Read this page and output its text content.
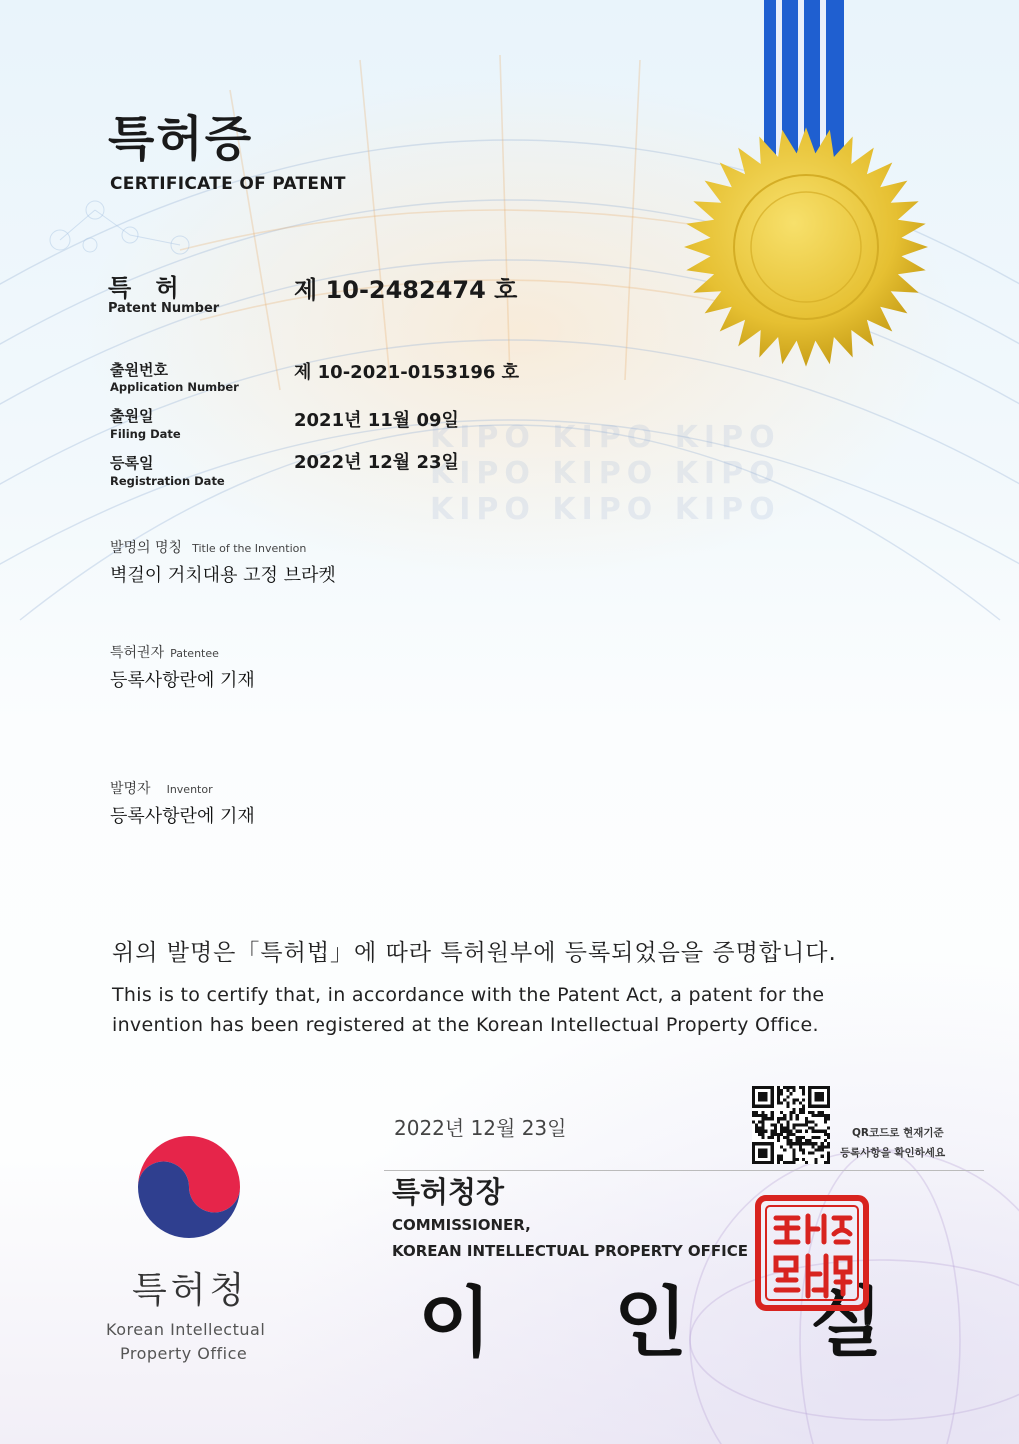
KIPO KIPO KIPO
KIPO KIPO KIPO
KIPO KIPO KIPO
특허증
CERTIFICATE OF PATENT
특 허
Patent Number
제 10-2482474 호
출원번호
Application Number
제 10-2021-0153196 호
출원일
Filing Date
2021년 11월 09일
등록일
Registration Date
2022년 12월 23일
발명의 명칭 Title of the Invention
벽걸이 거치대용 고정 브라켓
특허권자 Patentee
등록사항란에 기재
발명자 Inventor
등록사항란에 기재
위의 발명은「특허법」에 따라 특허원부에 등록되었음을 증명합니다.
This is to certify that, in accordance with the Patent Act, a patent for the
invention has been registered at the Korean Intellectual Property Office.
2022년 12월 23일
특허청장
COMMISSIONER,
KOREAN INTELLECTUAL PROPERTY OFFICE
이 인 실
QR코드로 현재기준
등록사항을 확인하세요
특허청
Korean Intellectual
Property Office
